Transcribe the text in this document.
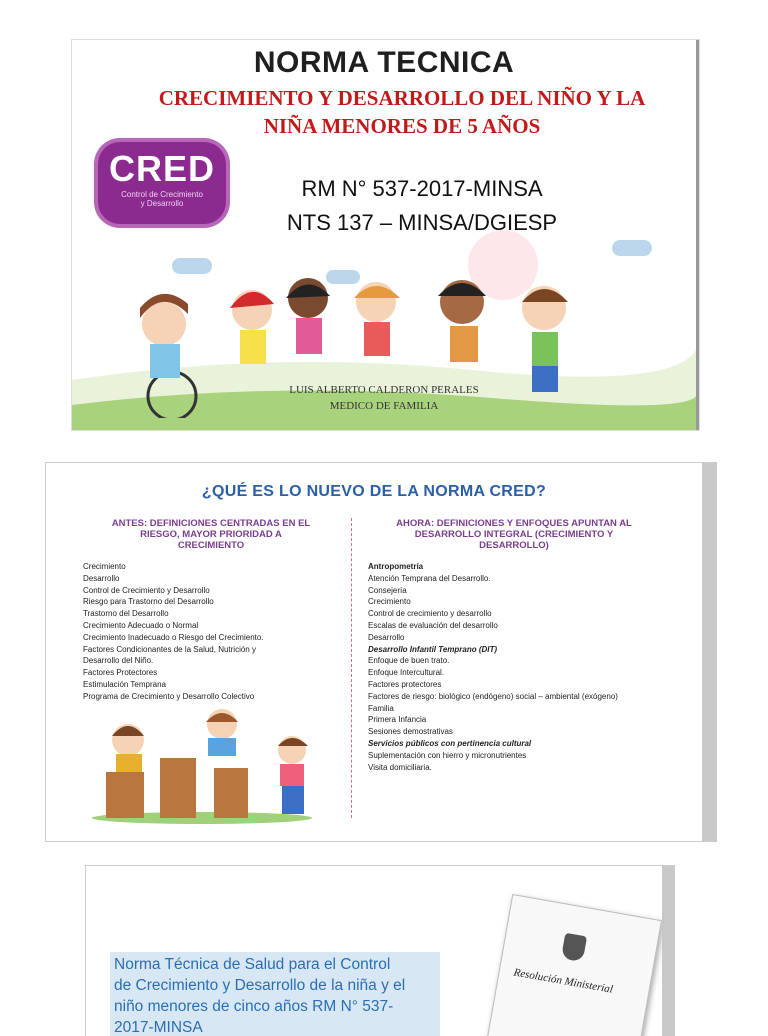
NORMA TECNICA
CRECIMIENTO Y DESARROLLO DEL NIÑO Y LA
NIÑA MENORES DE 5 AÑOS
CRED
Control de Crecimiento
y Desarrollo
RM N° 537-2017-MINSA
NTS 137 – MINSA/DGIESP
LUIS ALBERTO CALDERON PERALES
MEDICO DE FAMILIA
¿QUÉ ES LO NUEVO DE LA NORMA CRED?
ANTES: DEFINICIONES CENTRADAS EN EL
RIESGO, MAYOR PRIORIDAD A
CRECIMIENTO
AHORA: DEFINICIONES Y ENFOQUES APUNTAN AL
DESARROLLO INTEGRAL (CRECIMIENTO Y
DESARROLLO)
Crecimiento
Desarrollo
Control de Crecimiento y Desarrollo
Riesgo para Trastorno del Desarrollo
Trastorno del Desarrollo
Crecimiento Adecuado o Normal
Crecimiento Inadecuado o Riesgo del Crecimiento.
Factores Condicionantes de la Salud, Nutrición y
Desarrollo del Niño.
Factores Protectores
Estimulación Temprana
Programa de Crecimiento y Desarrollo Colectivo
Antropometría
Atención Temprana del Desarrollo.
Consejería
Crecimiento
Control de crecimiento y desarrollo
Escalas de evaluación del desarrollo
Desarrollo
Desarrollo Infantil Temprano (DIT)
Enfoque de buen trato.
Enfoque Intercultural.
Factores protectores
Factores de riesgo: biológico (endógeno) social – ambiental (exógeno)
Familia
Primera Infancia
Sesiones demostrativas
Servicios públicos con pertinencia cultural
Suplementación con hierro y micronutrientes
Visita domiciliaria.
Norma Técnica de Salud para el Control
de Crecimiento y Desarrollo de la niña y el
niño menores de cinco años RM N° 537-
2017-MINSA
Resolución Ministerial
